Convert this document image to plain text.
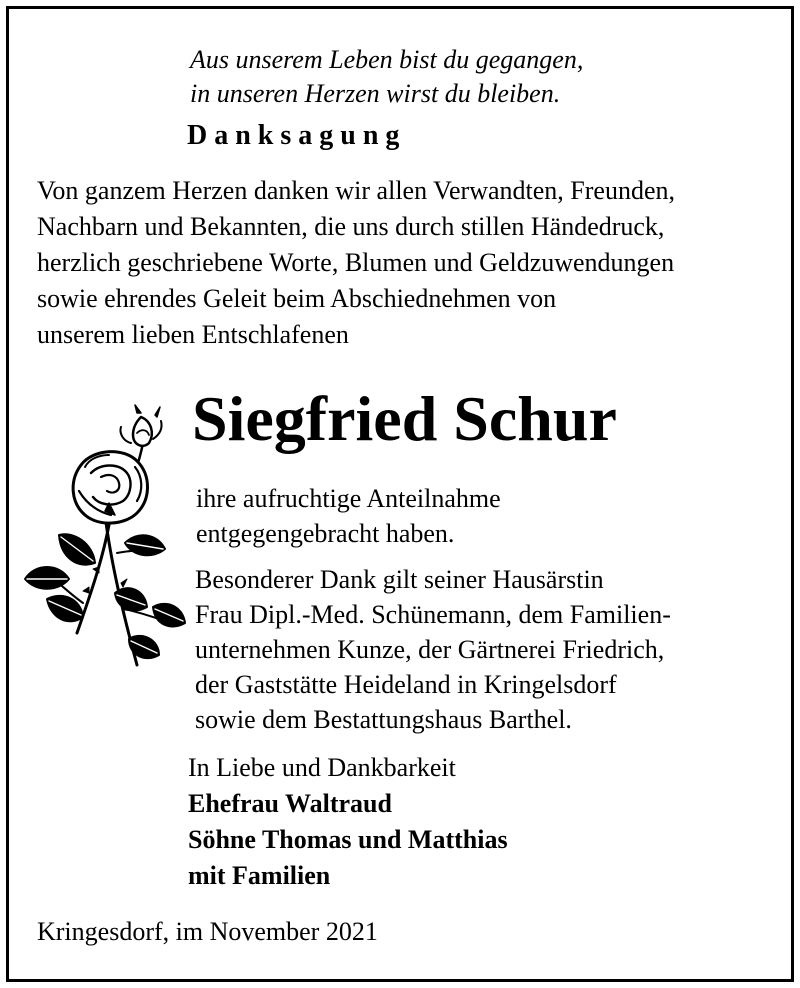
Aus unserem Leben bist du gegangen,
in unseren Herzen wirst du bleiben.
Danksagung
Von ganzem Herzen danken wir allen Verwandten, Freunden,
Nachbarn und Bekannten, die uns durch stillen Händedruck,
herzlich geschriebene Worte, Blumen und Geldzuwendungen
sowie ehrendes Geleit beim Abschiednehmen von
unserem lieben Entschlafenen
Siegfried Schur
ihre aufruchtige Anteilnahme
entgegengebracht haben.
Besonderer Dank gilt seiner Hausärstin
Frau Dipl.-Med. Schünemann, dem Familien-
unternehmen Kunze, der Gärtnerei Friedrich,
der Gaststätte Heideland in Kringelsdorf
sowie dem Bestattungshaus Barthel.
In Liebe und Dankbarkeit
Ehefrau Waltraud
Söhne Thomas und Matthias
mit Familien
Kringesdorf, im November 2021
